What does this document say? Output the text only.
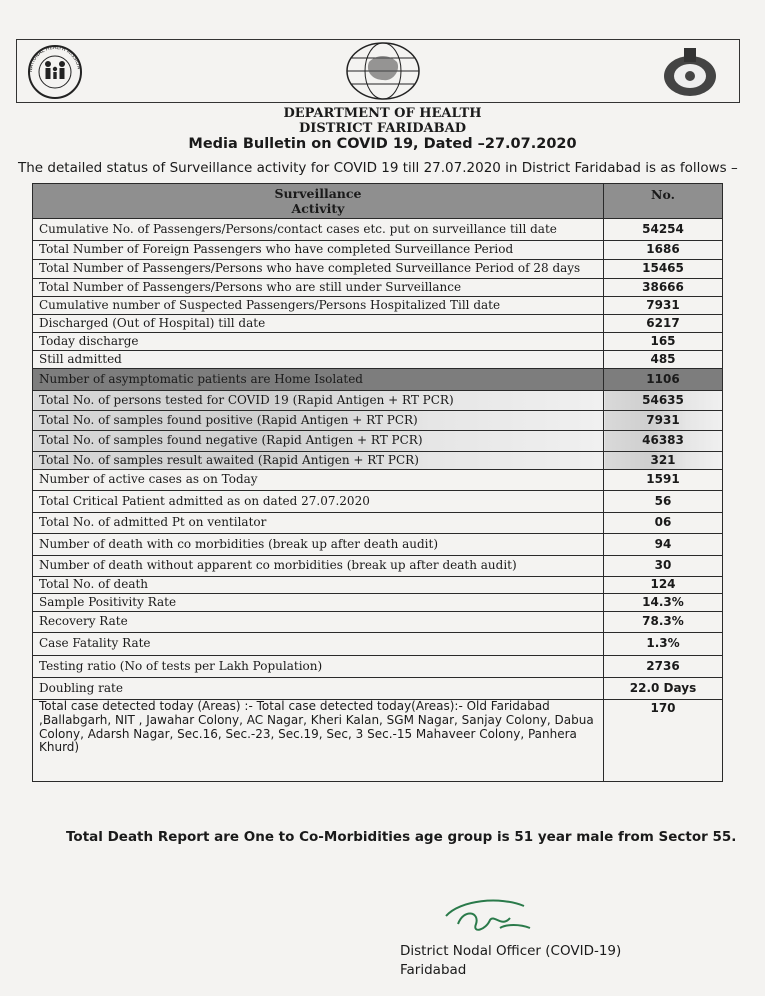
NATIONAL HEALTH MISSION
DEPARTMENT OF HEALTH
DISTRICT FARIDABAD
Media Bulletin on COVID 19, Dated –27.07.2020
The detailed status of Surveillance activity for COVID 19 till 27.07.2020 in District Faridabad is as follows –
Surveillance Activity	No.
Cumulative No. of Passengers/Persons/contact cases etc. put on surveillance till date	54254
Total Number of Foreign Passengers who have completed Surveillance Period	1686
Total Number of Passengers/Persons who have completed Surveillance Period of 28 days	15465
Total Number of Passengers/Persons who are still under Surveillance	38666
Cumulative number of Suspected Passengers/Persons Hospitalized Till date	7931
Discharged (Out of Hospital) till date	6217
Today discharge	165
Still admitted	485
Number of asymptomatic patients are Home Isolated	1106
Total No. of persons tested for COVID 19 (Rapid Antigen + RT PCR)	54635
Total No. of samples found positive (Rapid Antigen + RT PCR)	7931
Total No. of samples found negative (Rapid Antigen + RT PCR)	46383
Total No. of samples result awaited (Rapid Antigen + RT PCR)	321
Number of active cases as on Today	1591
Total Critical Patient admitted as on dated 27.07.2020	56
Total No. of admitted Pt on ventilator	06
Number of death with co morbidities (break up after death audit)	94
Number of death without apparent co morbidities (break up after death audit)	30
Total No. of death	124
Sample Positivity Rate	14.3%
Recovery Rate	78.3%
Case Fatality Rate	1.3%
Testing ratio (No of tests per Lakh Population)	2736
Doubling rate	22.0 Days
Total case detected today (Areas) :- Total case detected today(Areas):- Old Faridabad ,Ballabgarh, NIT , Jawahar Colony, AC Nagar, Kheri Kalan, SGM Nagar, Sanjay Colony, Dabua Colony, Adarsh Nagar, Sec.16, Sec.-23, Sec.19, Sec, 3 Sec.-15 Mahaveer Colony, Panhera Khurd)	170
Total Death Report are One to Co-Morbidities age group is 51 year male from Sector 55.
District Nodal Officer (COVID-19)
Faridabad
